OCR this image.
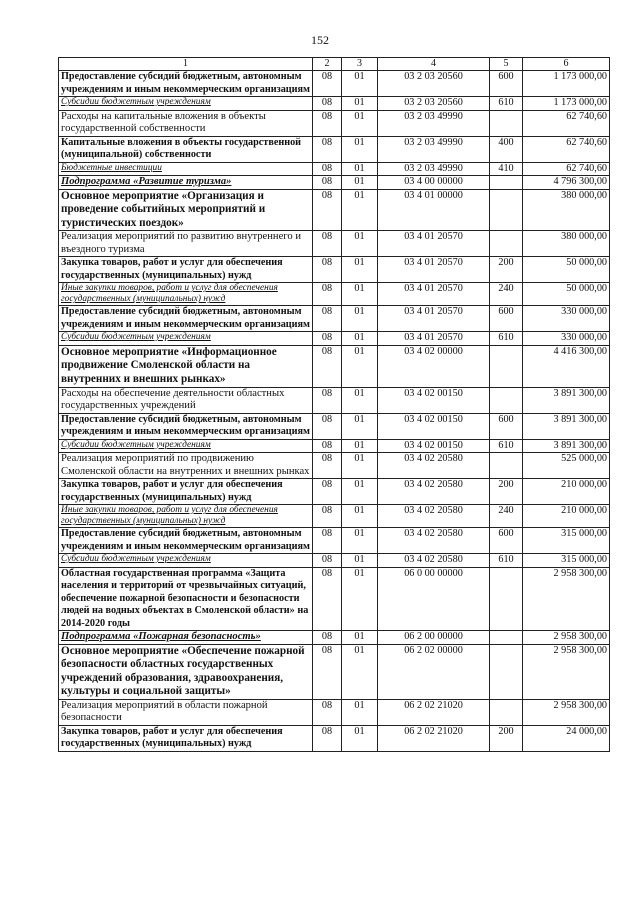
152
1	2	3	4	5	6
Предоставление субсидий бюджетным, автономным учреждениям и иным некоммерческим организациям	08	01	03 2 03 20560	600	1 173 000,00
Субсидии бюджетным учреждениям	08	01	03 2 03 20560	610	1 173 000,00
Расходы на капитальные вложения в объекты государственной собственности	08	01	03 2 03 49990		62 740,60
Капитальные вложения в объекты государственной (муниципальной) собственности	08	01	03 2 03 49990	400	62 740,60
Бюджетные инвестиции	08	01	03 2 03 49990	410	62 740,60
Подпрограмма «Развитие туризма»	08	01	03 4 00 00000		4 796 300,00
Основное мероприятие «Организация и проведение событийных мероприятий и туристических поездок»	08	01	03 4 01 00000		380 000,00
Реализация мероприятий по развитию внутреннего и въездного туризма	08	01	03 4 01 20570		380 000,00
Закупка товаров, работ и услуг для обеспечения государственных (муниципальных) нужд	08	01	03 4 01 20570	200	50 000,00
Иные закупки товаров, работ и услуг для обеспечения государственных (муниципальных) нужд	08	01	03 4 01 20570	240	50 000,00
Предоставление субсидий бюджетным, автономным учреждениям и иным некоммерческим организациям	08	01	03 4 01 20570	600	330 000,00
Субсидии бюджетным учреждениям	08	01	03 4 01 20570	610	330 000,00
Основное мероприятие «Информационное продвижение Смоленской области на внутренних и внешних рынках»	08	01	03 4 02 00000		4 416 300,00
Расходы на обеспечение деятельности областных государственных учреждений	08	01	03 4 02 00150		3 891 300,00
Предоставление субсидий бюджетным, автономным учреждениям и иным некоммерческим организациям	08	01	03 4 02 00150	600	3 891 300,00
Субсидии бюджетным учреждениям	08	01	03 4 02 00150	610	3 891 300,00
Реализация мероприятий по продвижению Смоленской области на внутренних и внешних рынках	08	01	03 4 02 20580		525 000,00
Закупка товаров, работ и услуг для обеспечения государственных (муниципальных) нужд	08	01	03 4 02 20580	200	210 000,00
Иные закупки товаров, работ и услуг для обеспечения государственных (муниципальных) нужд	08	01	03 4 02 20580	240	210 000,00
Предоставление субсидий бюджетным, автономным учреждениям и иным некоммерческим организациям	08	01	03 4 02 20580	600	315 000,00
Субсидии бюджетным учреждениям	08	01	03 4 02 20580	610	315 000,00
Областная государственная программа «Защита населения и территорий от чрезвычайных ситуаций, обеспечение пожарной безопасности и безопасности людей на водных объектах в Смоленской области» на 2014-2020 годы	08	01	06 0 00 00000		2 958 300,00
Подпрограмма «Пожарная безопасность»	08	01	06 2 00 00000		2 958 300,00
Основное мероприятие «Обеспечение пожарной безопасности областных государственных учреждений образования, здравоохранения, культуры и социальной защиты»	08	01	06 2 02 00000		2 958 300,00
Реализация мероприятий в области пожарной безопасности	08	01	06 2 02 21020		2 958 300,00
Закупка товаров, работ и услуг для обеспечения государственных (муниципальных) нужд	08	01	06 2 02 21020	200	24 000,00
